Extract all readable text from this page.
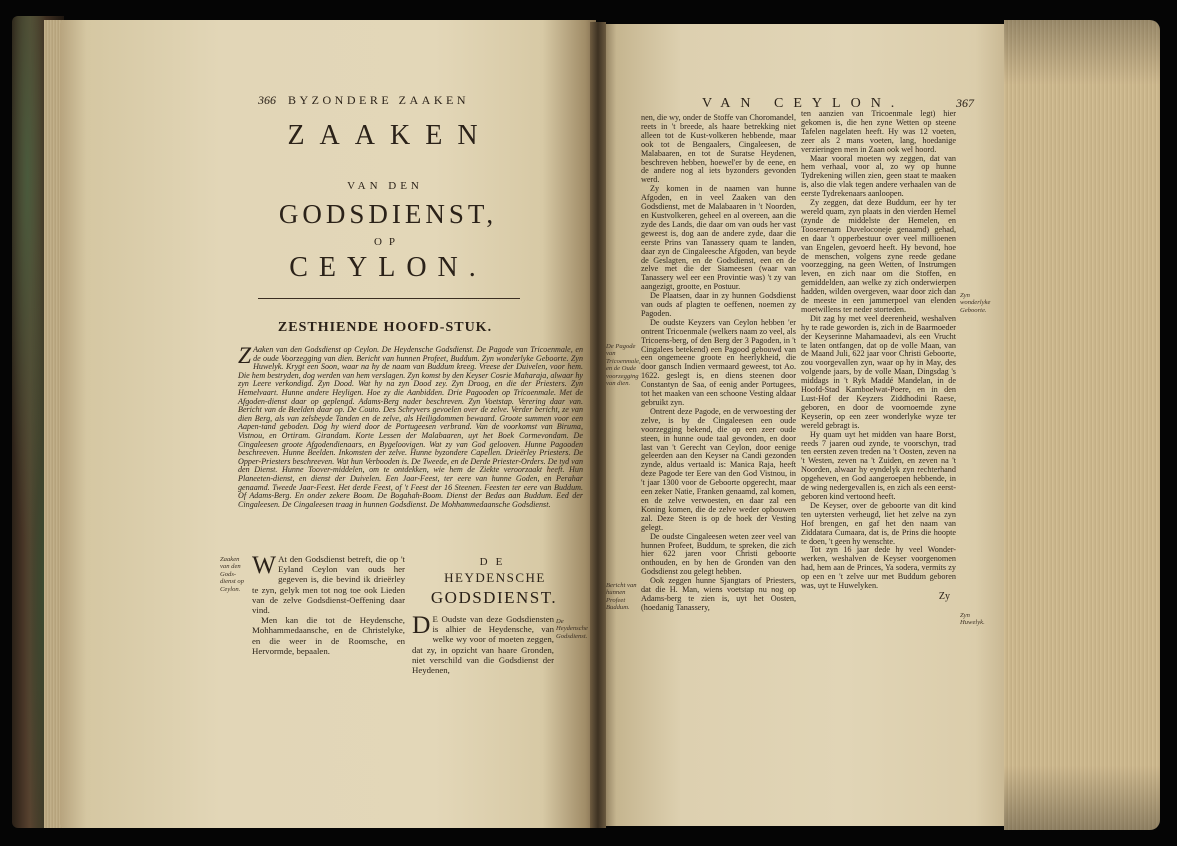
366 BYZONDERE ZAAKEN
ZAAKEN
VAN DEN
GODSDIENST,
OP
CEYLON.
ZESTHIENDE HOOFD-STUK.

ZAaken van den Godsdienst op Ceylon. De Heydensche Godsdienst. De Pagode van Tricoenmale, en de oude Voorzegging van dien. Bericht van hunnen Profeet, Buddum. Zyn wonderlyke Geboorte. Zyn Huwelyk. Krygt een Soon, waar na hy de naam van Buddum kreeg. Vreese der Duivelen, voor hem. Die hem bestryden, dog werden van hem verslagen. Zyn komst by den Keyser Cosrie Maharaja, alwaar hy zyn Leere verkondigd. Zyn Dood. Wat hy na zyn Dood zey. Zyn Droog, en die der Priesters. Zyn Hemelvaart. Hunne andere Heyligen. Hoe zy die Aanbidden. Drie Pagooden op Tricoenmale. Met de Afgoden-dienst daar op geplengd. Adams-Berg nader beschreven. Zyn Voetstap. Verering daar van. Bericht van de Beelden daar op. De Couto. Des Schryvers gevoelen over de zelve. Verder bericht, ze van dien Berg, als van zelsbeyde Tanden en de zelve, als Heiligdommen bewaard. Groote summen voor een Aapen-tand geboden. Dog hy wierd door de Portugeesen verbrand. Van de voorkomst van Biruma, Vistnou, en Ortiram. Girandam. Korte Lessen der Malabaaren, uyt het Boek Cormevondam. De Cingaleesen groote Afgodendienaars, en Bygeloovigen. Wat zy van God gelooven. Hunne Pagooden beschreeven. Hunne Beelden. Inkomsten der zelve. Hunne byzondere Capellen. Drieërley Priesters. De Opper-Priesters beschreeven. Wat hun Verbooden is. De Tweede, en de Derde Priester-Orders. De tyd van den Dienst. Hunne Toover-middelen, om te ontdekken, wie hem de Ziekte veroorzaakt heeft. Hun Planeeten-dienst, en dienst der Duivelen. Een Jaar-Feest, ter eere van hunne Goden, en Perahar genaamd. Tweede Jaar-Feest. Het derde Feest, of 't Feest der 16 Steenen. Feesten ter eere van Buddum. Of Adams-Berg. En onder zekere Boom. De Bogahah-Boom. Dienst der Bedas aan Buddum. Eed der Cingaleesen. De Cingaleesen traag in hunnen Godsdienst. De Mohhammedaansche Godsdienst.

Zaaken van den Gods-dienst op Ceylon.

WAt den Godsdienst betreft, die op 't Eyland Ceylon van ouds her gegeven is, die bevind ik drieërley te zyn, gelyk men tot nog toe ook Lieden van de zelve Godsdienst-Oeffening daar vind.

Men kan die tot de Heydensche, Mohhammedaansche, en de Christelyke, en die weer in de Roomsche, en Hervormde, bepaalen.

DE
HEYDENSCHE
GODSDIENST.

DE Oudste van deze Godsdiensten is alhier de Heydensche, van welke wy voor of moeten zeggen, dat zy, in opzicht van haare Gronden, niet verschild van die Godsdienst der Heydenen,

De Heydensche Godsdienst.
VAN CEYLON.	367

nen, die wy, onder de Stoffe van Choromandel, reets in 't breede, als haare betrekking niet alleen tot de Kust-volkeren hebbende, maar ook tot de Bengaalers, Cingaleesen, de Malabaaren, en tot de Suratse Heydenen, beschreven hebben, hoewel'er by de eene, en de andere nog al iets byzonders gevonden werd.

Zy komen in de naamen van hunne Afgoden, en in veel Zaaken van den Godsdienst, met de Malabaaren in 't Noorden, en Kustvolkeren, geheel en al overeen, aan die zyde des Lands, die daar om van ouds her vast geweest is, dog aan de andere zyde, daar die eerste Prins van Tanassery quam te landen, daar zyn de Cingaleesche Afgoden, van beyde de Geslagten, en de Godsdienst, een en de zelve met die der Siameesen (waar van Tanassery wel eer een Provintie was) 't zy van aangezigt, grootte, en Postuur.

De Plaatsen, daar in zy hunnen Godsdienst van ouds af plagten te oeffenen, noemen zy Pagoden.

De oudste Keyzers van Ceylon hebben 'er ontrent Tricoenmale (welkers naam zo veel, als Tricoens-berg, of den Berg der 3 Pagoden, in 't Cingalees betekend) een Pagood gebouwd van een ongemeene groote en heerlykheid, die door gansch Indien vermaard geweest, tot Ao. 1622. geslegt is, en diens steenen door Constantyn de Saa, of eenig ander Portugees, tot het maaken van een schoone Vesting aldaar gebruikt zyn.

Ontrent deze Pagode, en de verwoesting der zelve, is by de Cingaleesen een oude voorzegging bekend, die op een zeer oude steen, in hunne oude taal gevonden, en door last van 't Gerecht van Ceylon, door eenige geleerden aan den Keyser na Candi gezonden zynde, aldus vertaald is: Manica Raja, heeft deze Pagode ter Eere van den God Vistnou, in 't jaar 1300 voor de Geboorte opgerecht, maar een zeker Natie, Franken genaamd, zal komen, en de zelve verwoesten, en daar zal een Koning komen, die de zelve weder opbouwen zal. Deze Steen is op de hoek der Vesting gelegt.

De oudste Cingaleesen weten zeer veel van hunnen Profeet, Buddum, te spreken, die zich hier 622 jaren voor Christi geboorte onthouden, en by hen de Gronden van den Godsdienst zou gelegt hebben.

Ook zeggen hunne Sjangtars of Priesters, dat die H. Man, wiens voetstap nu nog op Adams-berg te zien is, uyt het Oosten, (hoedanig Tanassery,

ten aanzien van Tricoenmale legt) hier gekomen is, die hen zyne Wetten op steene Tafelen nagelaten heeft. Hy was 12 voeten, zeer als 2 mans voeten, lang, hoedanige verzieringen men in Zaan ook wel hoord.

Maar vooral moeten wy zeggen, dat van hem verhaal, voor al, zo wy op hunne Tydrekening willen zien, geen staat te maaken is, also die vlak tegen andere verhaalen van de eerste Tydrekenaars aanloopen.

Zy zeggen, dat deze Buddum, eer hy ter wereld quam, zyn plaats in den vierden Hemel (zynde de middelste der Hemelen, en Tooserenam Duveloconeje genaamd) gehad, en daar 't opperbestuur over veel millioenen van Engelen, gevoerd heeft. Hy bevond, hoe de menschen, volgens zyne reede gedane voorzegging, na geen Wetten, of Instrumgen leven, en zich naar om die Stoffen, en gemiddelden, aan welke zy zich onderwierpen hadden, wilden overgeven, waar door zich dan de meeste in een jammerpoel van elenden moetwillens ter neder storteden.

Dit zag hy met veel deerenheid, weshalven hy te rade geworden is, zich in de Baarmoeder der Keyserinne Mahamaadevi, als een Vrucht te laten ontfangen, dat op de volle Maan, van de Maand Juli, 622 jaar voor Christi Geboorte, zou voorgevallen zyn, waar op hy in May, des volgende jaars, by de volle Maan, Dingsdag 's middags in 't Ryk Maddé Mandelan, in de Hoofd-Stad Kamboelwat-Poere, en in den Lust-Hof der Keyzers Ziddhodini Raese, geboren, en door de voornoemde zyne Keyserin, op een zeer wonderlyke wyze ter wereld gebragt is.

Hy quam uyt het midden van haare Borst, reeds 7 jaaren oud zynde, te voorschyn, trad ten eersten zeven treden na 't Oosten, zeven na 't Westen, zeven na 't Zuiden, en zeven na 't Noorden, alwaar hy eyndelyk zyn rechterhand opgeheven, en God aangeroepen hebbende, in de wing nedergevallen is, en zich als een eerst-geboren kind vertoond heeft.

De Keyser, over de geboorte van dit kind ten uytersten verheugd, liet het zelve na zyn Hof brengen, en gaf het den naam van Ziddatara Cumaara, dat is, de Prins die hoopte te doen, 't geen hy wenschte.

Tot zyn 16 jaar dede hy veel Wonder-werken, weshalven de Keyser voorgenomen had, hem aan de Princes, Ya sodera, vermits zy op een en 't zelve uur met Buddum geboren was, uyt te Huwelyken.

Zy
De Pagode van Tricoenmale, en de Oude voorzegging van dien.
Bericht van hunnen Profeet Buddum.
Zyn wonderlyke Geboorte.
Zyn Huwelyk.
